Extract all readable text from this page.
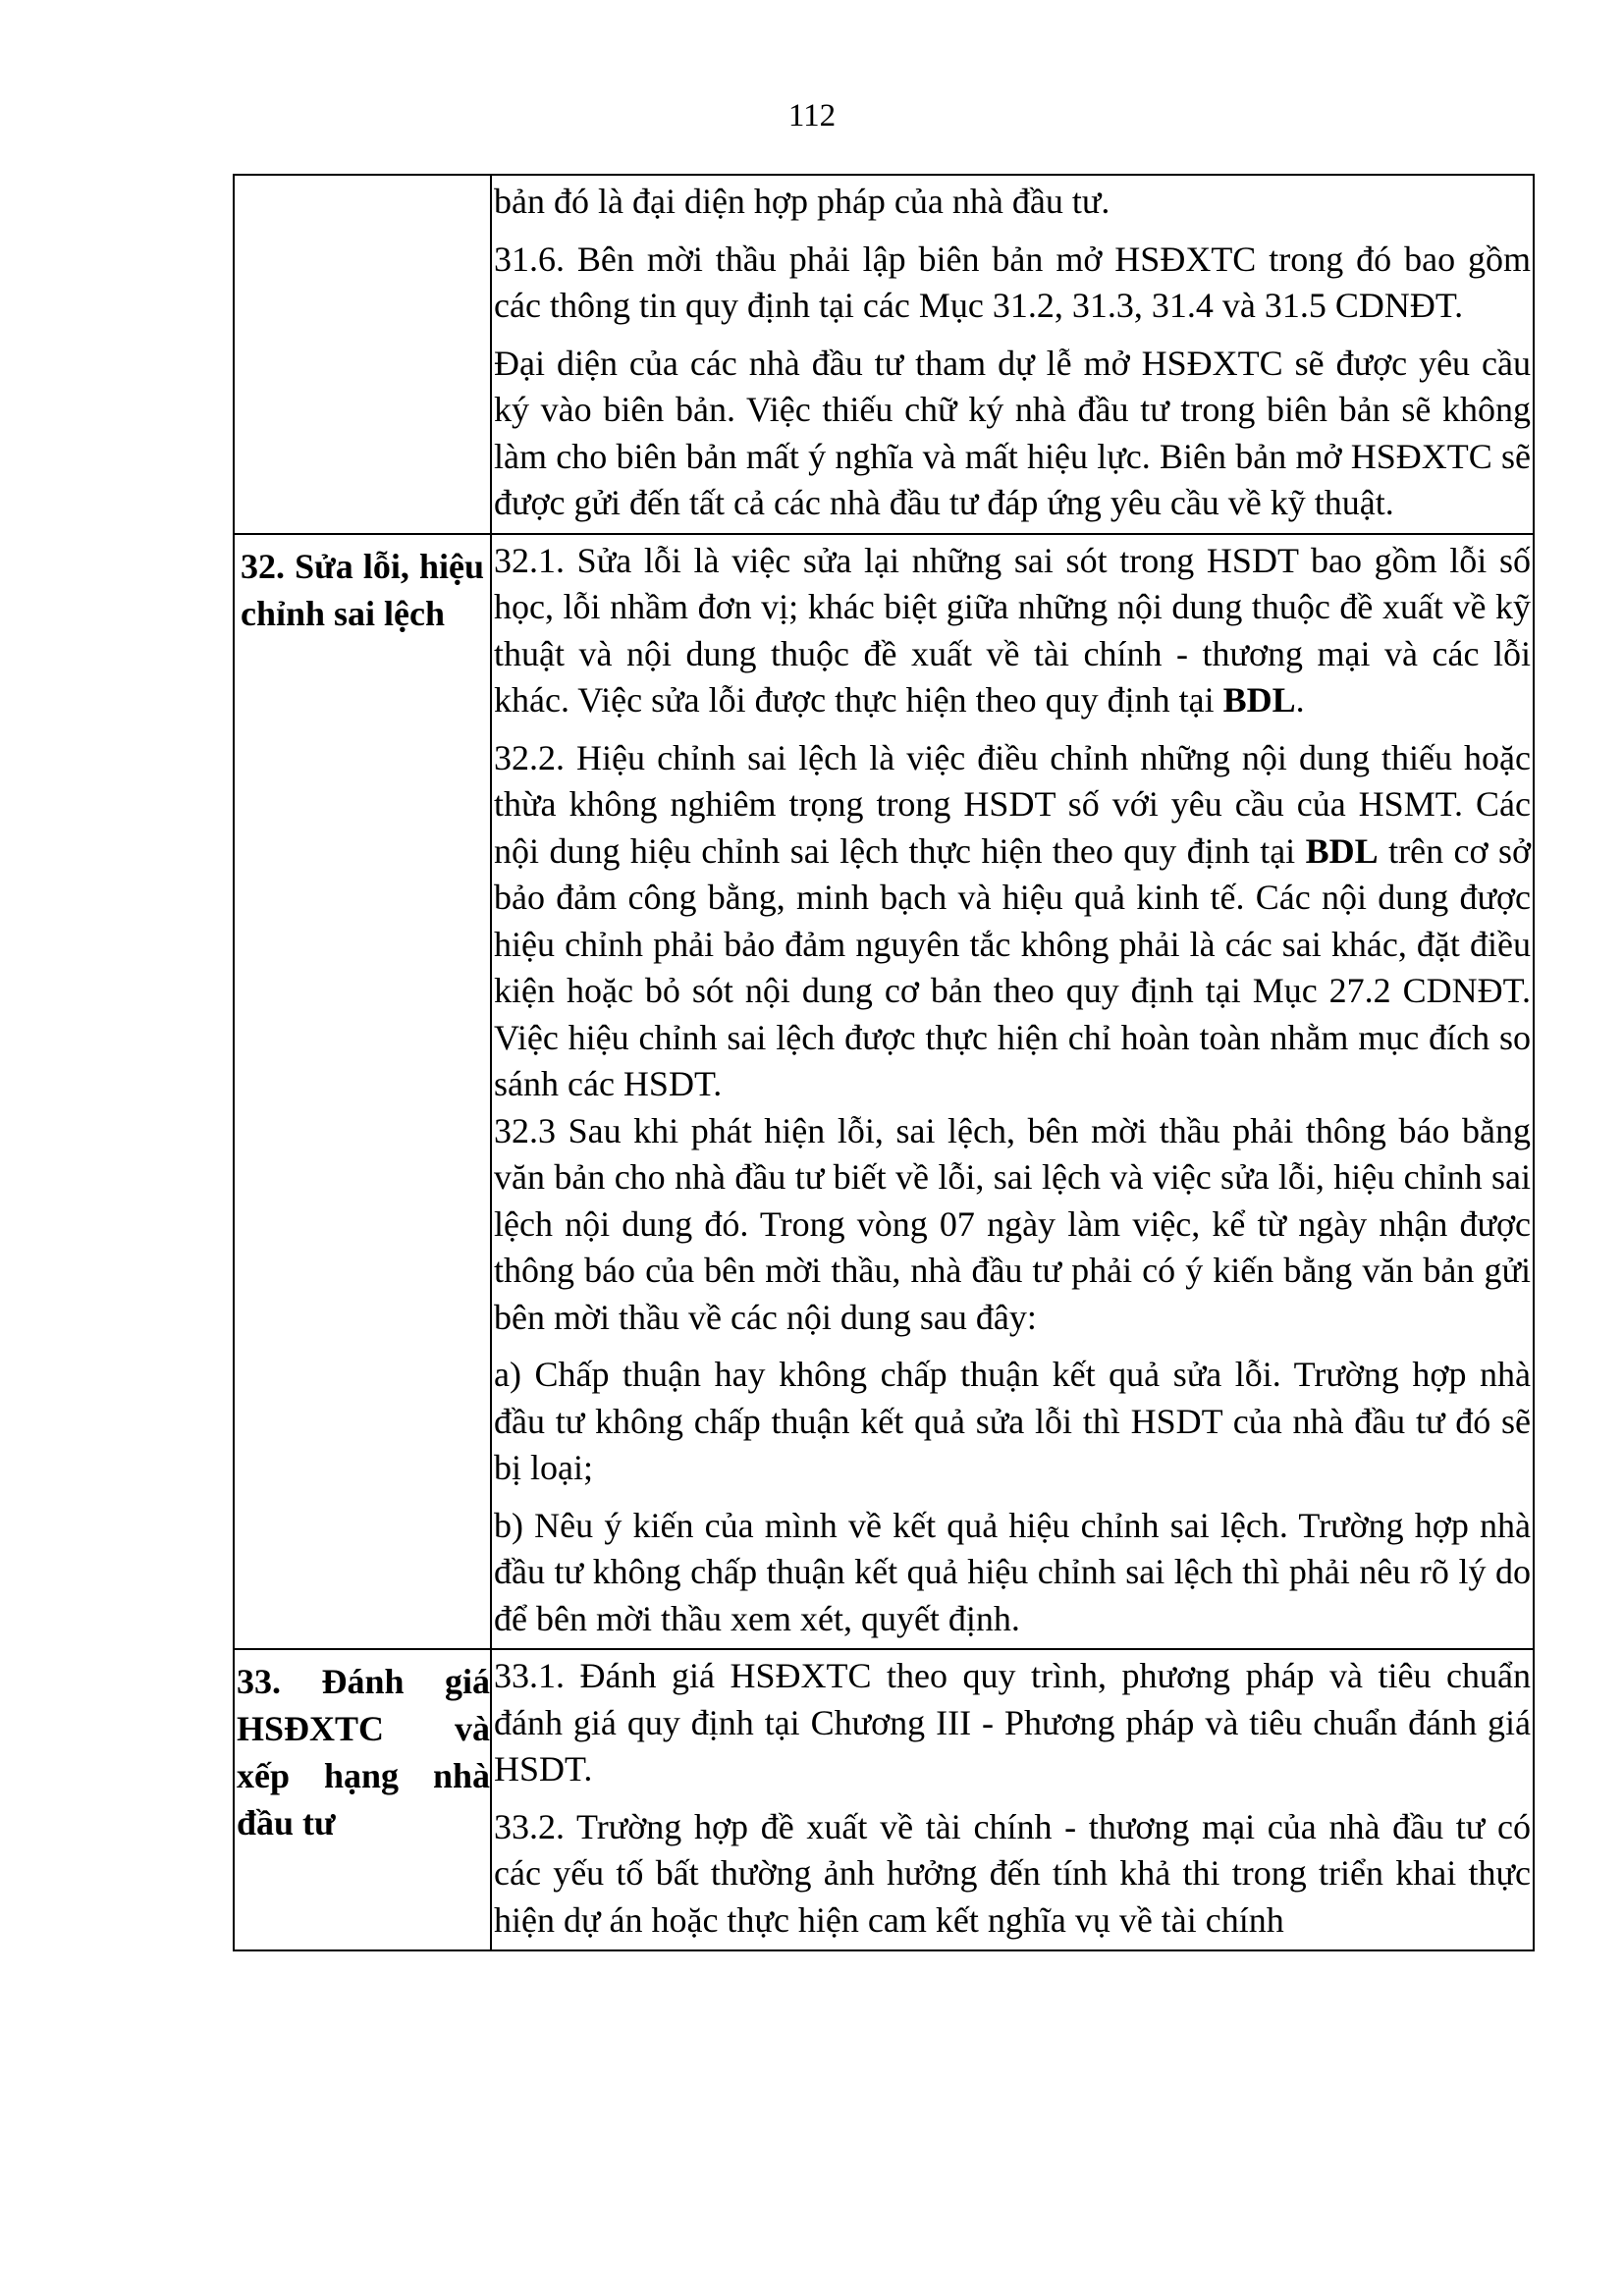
112

	bản đó là đại diện hợp pháp của nhà đầu tư.

31.6. Bên mời thầu phải lập biên bản mở HSĐXTC trong đó bao gồm các thông tin quy định tại các Mục 31.2, 31.3, 31.4 và 31.5 CDNĐT.

Đại diện của các nhà đầu tư tham dự lễ mở HSĐXTC sẽ được yêu cầu ký vào biên bản. Việc thiếu chữ ký nhà đầu tư trong biên bản sẽ không làm cho biên bản mất ý nghĩa và mất hiệu lực. Biên bản mở HSĐXTC sẽ được gửi đến tất cả các nhà đầu tư đáp ứng yêu cầu về kỹ thuật.

32. Sửa lỗi, hiệu chỉnh sai lệch	32.1. Sửa lỗi là việc sửa lại những sai sót trong HSDT bao gồm lỗi số học, lỗi nhầm đơn vị; khác biệt giữa những nội dung thuộc đề xuất về kỹ thuật và nội dung thuộc đề xuất về tài chính - thương mại và các lỗi khác. Việc sửa lỗi được thực hiện theo quy định tại BDL.

32.2. Hiệu chỉnh sai lệch là việc điều chỉnh những nội dung thiếu hoặc thừa không nghiêm trọng trong HSDT số với yêu cầu của HSMT. Các nội dung hiệu chỉnh sai lệch thực hiện theo quy định tại BDL trên cơ sở bảo đảm công bằng, minh bạch và hiệu quả kinh tế. Các nội dung được hiệu chỉnh phải bảo đảm nguyên tắc không phải là các sai khác, đặt điều kiện hoặc bỏ sót nội dung cơ bản theo quy định tại Mục 27.2 CDNĐT. Việc hiệu chỉnh sai lệch được thực hiện chỉ hoàn toàn nhằm mục đích so sánh các HSDT.

32.3 Sau khi phát hiện lỗi, sai lệch, bên mời thầu phải thông báo bằng văn bản cho nhà đầu tư biết về lỗi, sai lệch và việc sửa lỗi, hiệu chỉnh sai lệch nội dung đó. Trong vòng 07 ngày làm việc, kể từ ngày nhận được thông báo của bên mời thầu, nhà đầu tư phải có ý kiến bằng văn bản gửi bên mời thầu về các nội dung sau đây:

a) Chấp thuận hay không chấp thuận kết quả sửa lỗi. Trường hợp nhà đầu tư không chấp thuận kết quả sửa lỗi thì HSDT của nhà đầu tư đó sẽ bị loại;

b) Nêu ý kiến của mình về kết quả hiệu chỉnh sai lệch. Trường hợp nhà đầu tư không chấp thuận kết quả hiệu chỉnh sai lệch thì phải nêu rõ lý do để bên mời thầu xem xét, quyết định.

33. Đánh giá HSĐXTC và xếp hạng nhà đầu tư	33.1. Đánh giá HSĐXTC theo quy trình, phương pháp và tiêu chuẩn đánh giá quy định tại Chương III - Phương pháp và tiêu chuẩn đánh giá HSDT.

33.2. Trường hợp đề xuất về tài chính - thương mại của nhà đầu tư có các yếu tố bất thường ảnh hưởng đến tính khả thi trong triển khai thực hiện dự án hoặc thực hiện cam kết nghĩa vụ về tài chính
